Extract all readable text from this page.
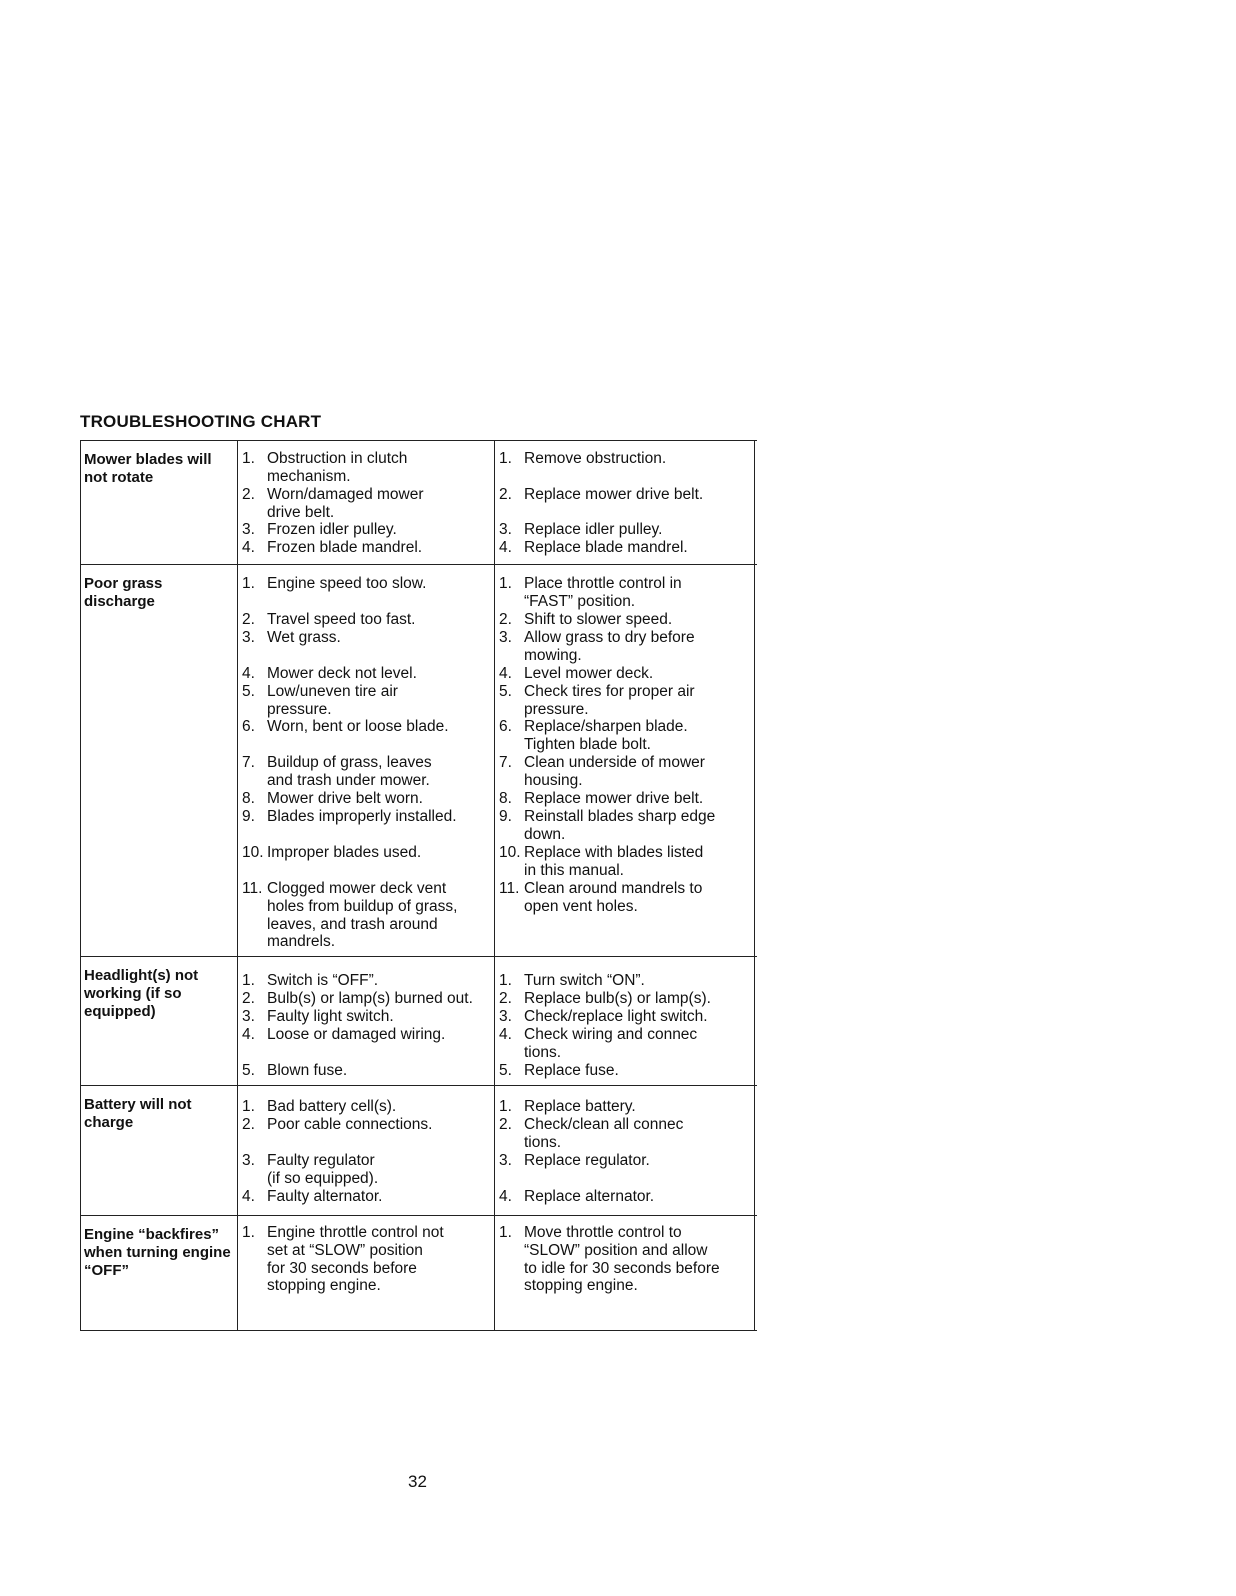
TROUBLESHOOTING CHART
Mower blades will not rotate
1. Obstruction in clutch
mechanism.
2. Worn/damaged mower
drive belt.
3. Frozen idler pulley.
4. Frozen blade mandrel.
1. Remove obstruction.
2. Replace mower drive belt.
3. Replace idler pulley.
4. Replace blade mandrel.
Poor grass discharge
1. Engine speed too slow.
2. Travel speed too fast.
3. Wet grass.
4. Mower deck not level.
5. Low/uneven tire air
pressure.
6. Worn, bent or loose blade.
7. Buildup of grass, leaves
and trash under mower.
8. Mower drive belt worn.
9. Blades improperly installed.
10. Improper blades used.
11. Clogged mower deck vent
holes from buildup of grass,
leaves, and trash around
mandrels.
1. Place throttle control in
“FAST” position.
2. Shift to slower speed.
3. Allow grass to dry before
mowing.
4. Level mower deck.
5. Check tires for proper air
pressure.
6. Replace/sharpen blade.
Tighten blade bolt.
7. Clean underside of mower
housing.
8. Replace mower drive belt.
9. Reinstall blades sharp edge
down.
10. Replace with blades listed
in this manual.
11. Clean around mandrels to
open vent holes.
Headlight(s) not working (if so equipped)
1. Switch is “OFF”.
2. Bulb(s) or lamp(s) burned out.
3. Faulty light switch.
4. Loose or damaged wiring.
5. Blown fuse.
1. Turn switch “ON”.
2. Replace bulb(s) or lamp(s).
3. Check/replace light switch.
4. Check wiring and connec
tions.
5. Replace fuse.
Battery will not charge
1. Bad battery cell(s).
2. Poor cable connections.
3. Faulty regulator
(if so equipped).
4. Faulty alternator.
1. Replace battery.
2. Check/clean all connec
tions.
3. Replace regulator.
4. Replace alternator.
Engine “backfires” when turning engine “OFF”
1. Engine throttle control not
set at “SLOW” position
for 30 seconds before
stopping engine.
1. Move throttle control to
“SLOW” position and allow
to idle for 30 seconds before
stopping engine.
32
